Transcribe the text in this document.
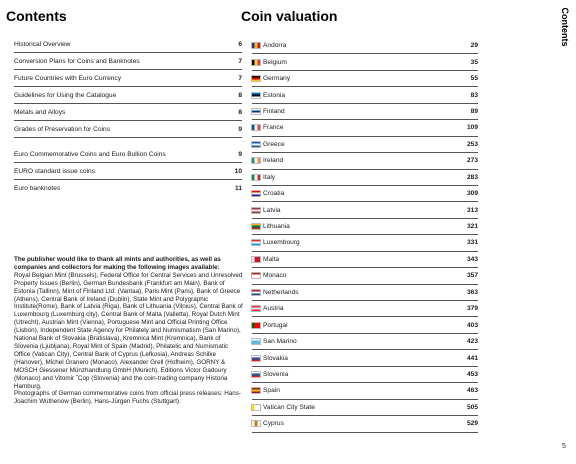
Contents	Coin valuation	Contents
Historical Overview	6
Conversion Plans for Coins and Banknotes	7
Future Countries with Euro Currency	7
Guidelines for Using the Catalogue	8
Metals and Alloys	8
Grades of Preservation for Coins	9
Euro Commemorative Coins and Euro Bullion Coins	9
EURO standard issue coins	10
Euro banknotes	11
The publisher would like to thank all mints and authorities, as well as companies and collectors for making the following images available:
Royal Belgian Mint (Brussels), Federal Office for Central Services and Unresolved Property Issues (Berlin), German Bundesbank (Frankfurt am Main), Bank of Estonia (Tallinn), Mint of Finland Ltd. (Vantaa), Paris Mint (Paris), Bank of Greece (Athens), Central Bank of Ireland (Dublin), State Mint and Polygraphic Institute(Rome), Bank of Latvia (Riga), Bank of Lithuania (Vilnius), Central Bank of Luxembourg (Luxemburg city), Central Bank of Malta (Valletta), Royal Dutch Mint (Utrecht), Austrian Mint (Vienna), Portuguese Mint and Official Printing Office (Lisbon), Independent State Agency for Philately and Numismatism (San Marino), National Bank of Slovakia (Bratislava), Kremnica Mint (Kremnica), Bank of Slovenia (Ljubljana), Royal Mint of Spain (Madrid), Philatelic and Numismatic Office (Vatican City), Central Bank of Cyprus (Lefkosia), Andreas Schilke (Hanover), Michel Granero (Monaco), Alexander Grell (Hofheim), GORNY & MOSCH Giessener Münzhandlung GmbH (Munich), Editions Victor Gadoury (Monaco) and Vitomir ˇCop (Slovenia) and the coin-trading company Historia Hamburg.
Photographs of German commemorative coins from official press releases: Hans-Joachim Wuthenow (Berlin), Hans-Jürgen Fuchs (Stuttgart).
Andorra	29
Belgium	35
Germany	55
Estonia	83
Finland	89
France	109
Greece	253
Ireland	273
Italy	283
Croatia	309
Latvia	313
Lithuania	321
Luxembourg	331
Malta	343
Monaco	357
Netherlands	363
Austria	379
Portugal	403
San Marino	423
Slovakia	441
Slovenia	453
Spain	463
Vatican City State	505
Cyprus	529
5
